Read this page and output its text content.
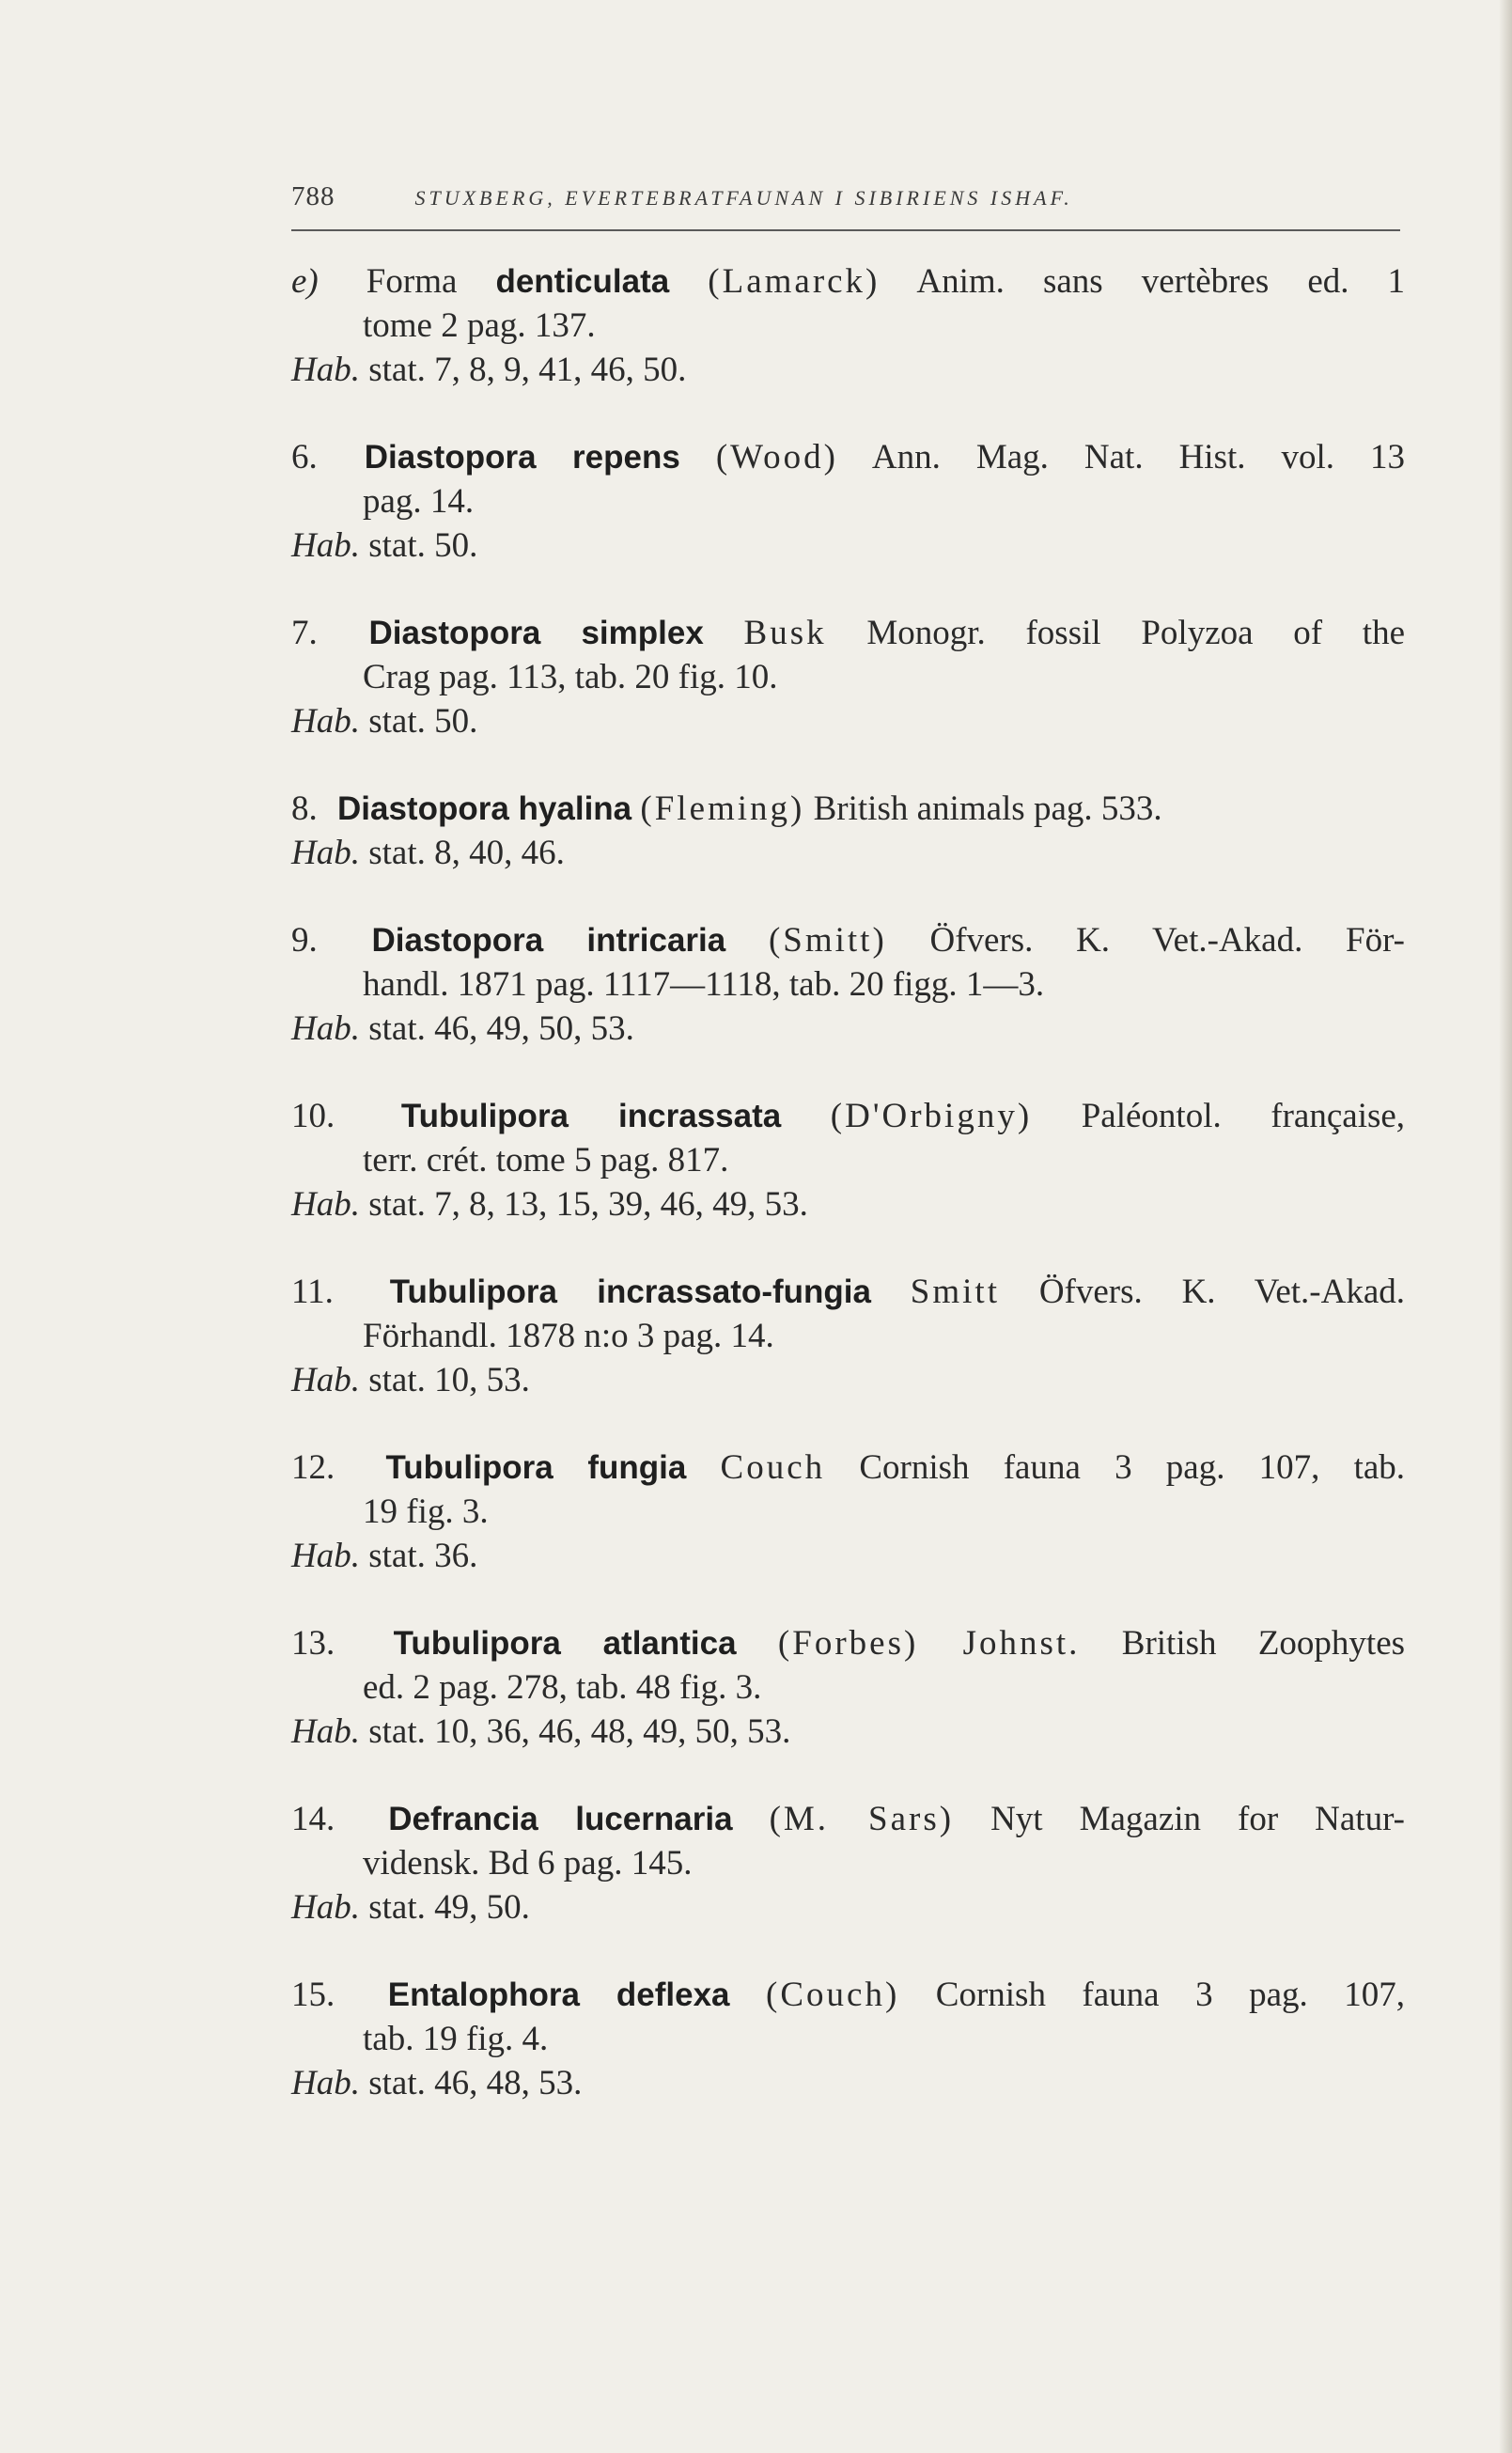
788	STUXBERG, EVERTEBRATFAUNAN I SIBIRIENS ISHAF.
e) Forma denticulata (Lamarck) Anim. sans vertèbres ed. 1
tome 2 pag. 137.
Hab. stat. 7, 8, 9, 41, 46, 50.
6. Diastopora repens (Wood) Ann. Mag. Nat. Hist. vol. 13
pag. 14.
Hab. stat. 50.
7. Diastopora simplex Busk Monogr. fossil Polyzoa of the
Crag pag. 113, tab. 20 fig. 10.
Hab. stat. 50.
8. Diastopora hyalina (Fleming) British animals pag. 533.
Hab. stat. 8, 40, 46.
9. Diastopora intricaria (Smitt) Öfvers. K. Vet.-Akad. För-
handl. 1871 pag. 1117—1118, tab. 20 figg. 1—3.
Hab. stat. 46, 49, 50, 53.
10. Tubulipora incrassata (D'Orbigny) Paléontol. française,
terr. crét. tome 5 pag. 817.
Hab. stat. 7, 8, 13, 15, 39, 46, 49, 53.
11. Tubulipora incrassato-fungia Smitt Öfvers. K. Vet.-Akad.
Förhandl. 1878 n:o 3 pag. 14.
Hab. stat. 10, 53.
12. Tubulipora fungia Couch Cornish fauna 3 pag. 107, tab.
19 fig. 3.
Hab. stat. 36.
13. Tubulipora atlantica (Forbes) Johnst. British Zoophytes
ed. 2 pag. 278, tab. 48 fig. 3.
Hab. stat. 10, 36, 46, 48, 49, 50, 53.
14. Defrancia lucernaria (M. Sars) Nyt Magazin for Natur-
vidensk. Bd 6 pag. 145.
Hab. stat. 49, 50.
15. Entalophora deflexa (Couch) Cornish fauna 3 pag. 107,
tab. 19 fig. 4.
Hab. stat. 46, 48, 53.
